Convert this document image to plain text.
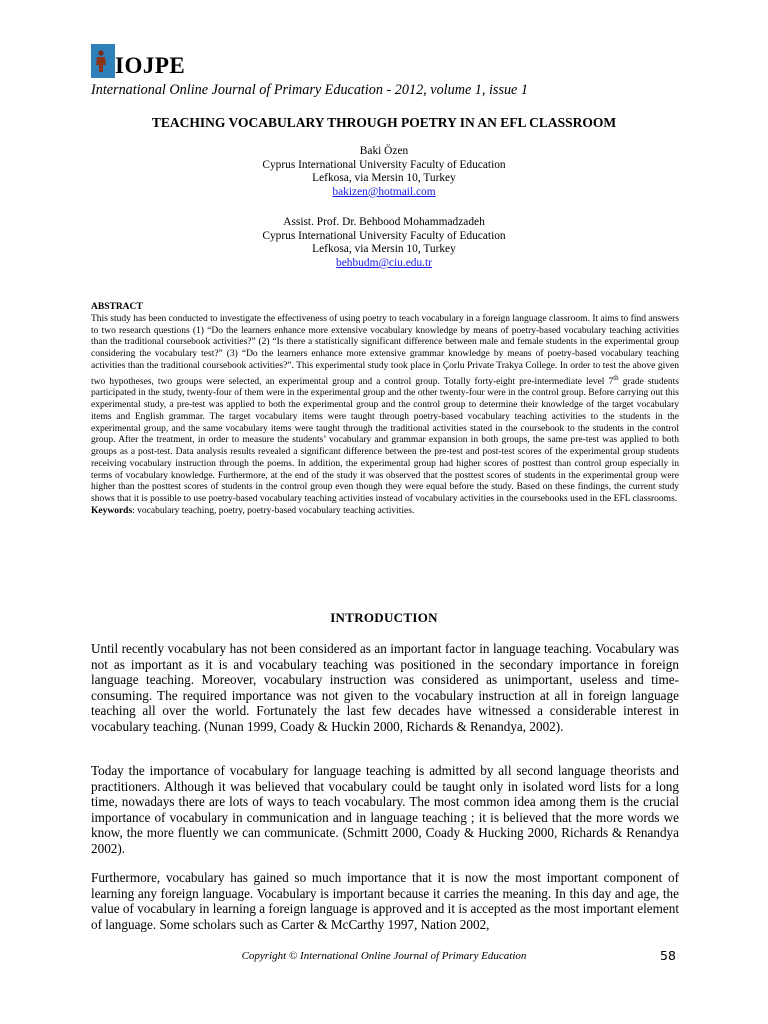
IOJPE
International Online Journal of Primary Education - 2012, volume 1, issue 1
TEACHING VOCABULARY THROUGH POETRY IN AN EFL CLASSROOM
Baki Özen
Cyprus International University Faculty of Education
Lefkosa, via Mersin 10, Turkey
bakizen@hotmail.com
Assist. Prof. Dr. Behbood Mohammadzadeh
Cyprus International University Faculty of Education
Lefkosa, via Mersin 10, Turkey
behbudm@ciu.edu.tr
ABSTRACT

This study has been conducted to investigate the effectiveness of using poetry to teach vocabulary in a foreign language classroom. It aims to find answers to two research questions (1) “Do the learners enhance more extensive vocabulary knowledge by means of poetry-based vocabulary teaching activities than the traditional coursebook activities?” (2) “Is there a statistically significant difference between male and female students in the experimental group considering the vocabulary test?” (3) “Do the learners enhance more extensive grammar knowledge by means of poetry-based vocabulary teaching activities than the traditional coursebook activities?”. This experimental study took place in Çorlu Private Trakya College. In order to test the above given two hypotheses, two groups were selected, an experimental group and a control group. Totally forty-eight pre-intermediate level 7th grade students participated in the study, twenty-four of them were in the experimental group and the other twenty-four were in the control group. Before carrying out this experimental study, a pre-test was applied to both the experimental group and the control group to determine their knowledge of the target vocabulary items and English grammar. The target vocabulary items were taught through poetry-based vocabulary teaching activities to the students in the experimental group, and the same vocabulary items were taught through the traditional activities stated in the coursebook to the students in the control group. After the treatment, in order to measure the students’ vocabulary and grammar expansion in both groups, the same pre-test was applied to both groups as a post-test. Data analysis results revealed a significant difference between the pre-test and post-test scores of the experimental group students receiving vocabulary instruction through the poems. In addition, the experimental group had higher scores of posttest than control group especially in terms of vocabulary knowledge. Furthermore, at the end of the study it was observed that the posttest scores of students in the experimental group were higher than the posttest scores of students in the control group even though they were equal before the study. Based on these findings, the current study shows that it is possible to use poetry-based vocabulary teaching activities instead of vocabulary activities in the coursebooks used in the EFL classrooms.

Keywords: vocabulary teaching, poetry, poetry-based vocabulary teaching activities.

INTRODUCTION

Until recently vocabulary has not been considered as an important factor in language teaching. Vocabulary was not as important as it is and vocabulary teaching was positioned in the secondary importance in foreign language teaching. Moreover, vocabulary instruction was considered as unimportant, useless and time-consuming. The required importance was not given to the vocabulary instruction at all in foreign language teaching all over the world. Fortunately the last few decades have witnessed a considerable interest in vocabulary teaching. (Nunan 1999, Coady & Huckin 2000, Richards & Renandya, 2002).

Today the importance of vocabulary for language teaching is admitted by all second language theorists and practitioners. Although it was believed that vocabulary could be taught only in isolated word lists for a long time, nowadays there are lots of ways to teach vocabulary. The most common idea among them is the crucial importance of vocabulary in communication and in language teaching ; it is believed that the more words we know, the more fluently we can communicate. (Schmitt 2000, Coady & Hucking 2000, Richards & Renandya 2002).

Furthermore, vocabulary has gained so much importance that it is now the most important component of learning any foreign language. Vocabulary is important because it carries the meaning. In this day and age, the value of vocabulary in learning a foreign language is approved and it is accepted as the most important element of language. Some scholars such as Carter & McCarthy 1997, Nation 2002,

Copyright © International Online Journal of Primary Education	58
